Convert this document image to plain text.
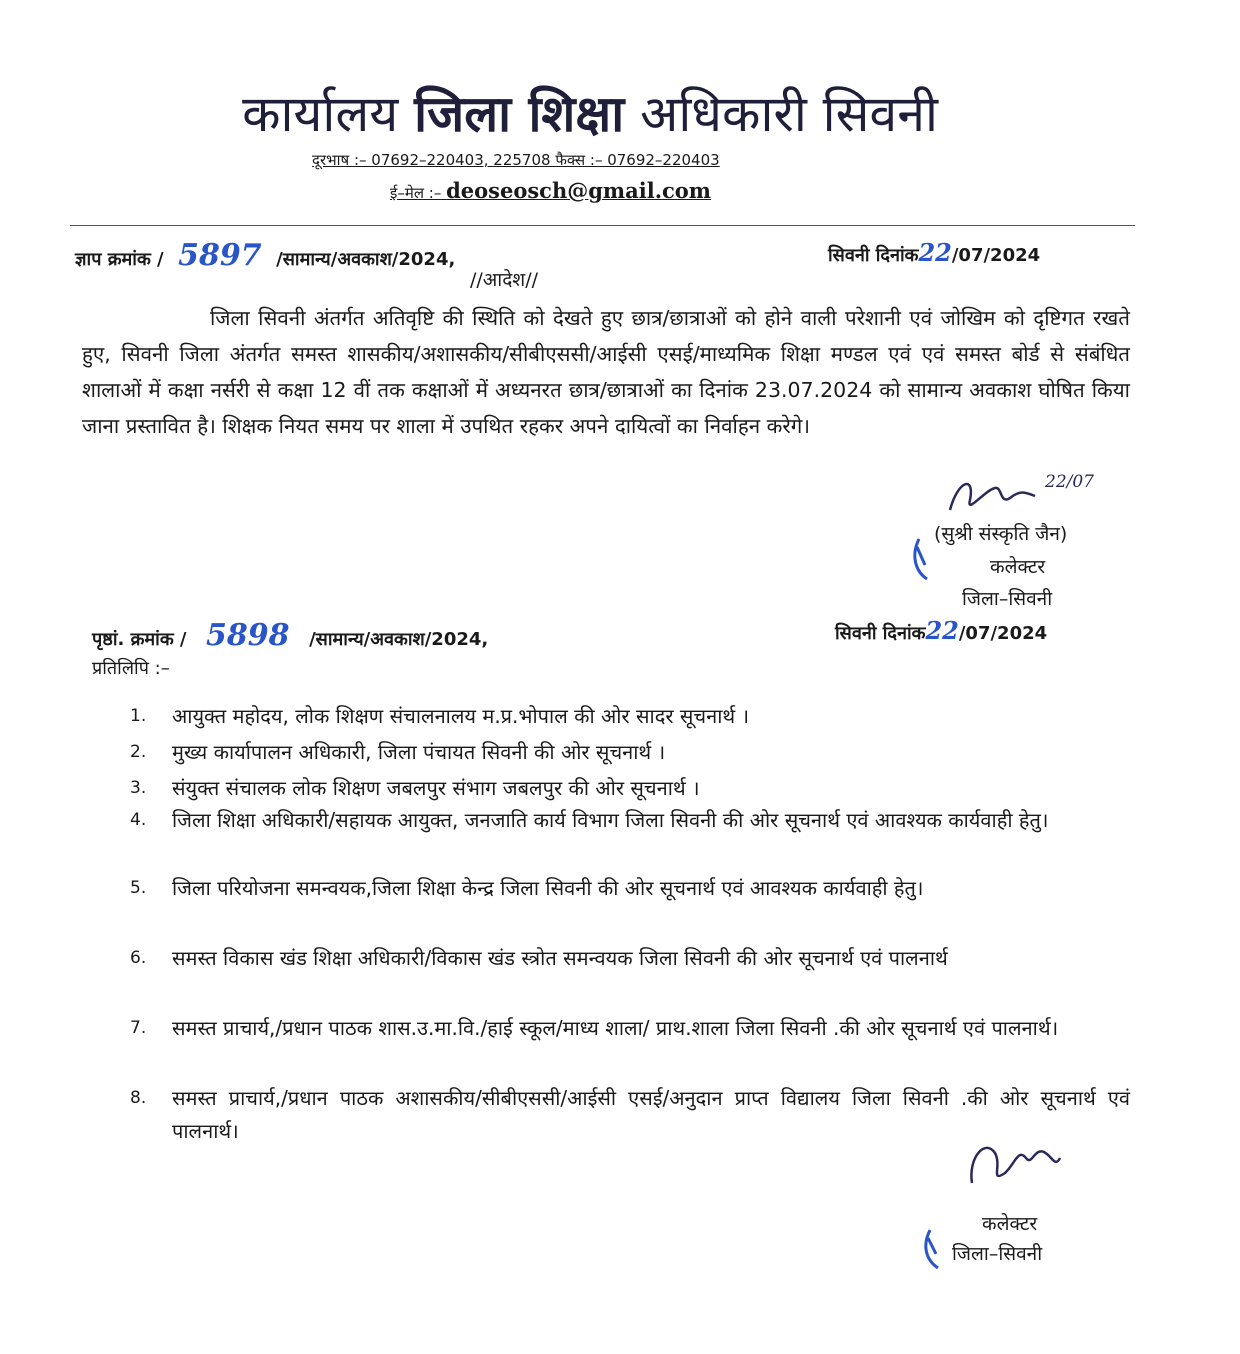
कार्यालय जिला शिक्षा अधिकारी सिवनी
दूरभाष :– 07692–220403, 225708 फैक्स :– 07692–220403
ई–मेल :– deoseosch@gmail.com
ज्ञाप क्रमांक / 5897 /सामान्य/अवकाश/2024,	सिवनी दिनांक22/07/2024
//आदेश//

जिला सिवनी अंतर्गत अतिवृष्टि की स्थिति को देखते हुए छात्र/छात्राओं को होने वाली परेशानी एवं जोखिम को दृष्टिगत रखते हुए, सिवनी जिला अंतर्गत समस्त शासकीय/अशासकीय/सीबीएससी/आईसी एसई/माध्यमिक शिक्षा मण्डल एवं एवं समस्त बोर्ड से संबंधित शालाओं में कक्षा नर्सरी से कक्षा 12 वीं तक कक्षाओं में अध्यनरत छात्र/छात्राओं का दिनांक 23.07.2024 को सामान्य अवकाश घोषित किया जाना प्रस्तावित है। शिक्षक नियत समय पर शाला में उपथित रहकर अपने दायित्वों का निर्वाहन करेगे।

22/07
(सुश्री संस्कृति जैन)
कलेक्टर
जिला–सिवनी
पृष्ठां. क्रमांक / 5898 /सामान्य/अवकाश/2024,	सिवनी दिनांक22/07/2024
प्रतिलिपि :–
1. आयुक्त महोदय, लोक शिक्षण संचालनालय म.प्र.भोपाल की ओर सादर सूचनार्थ ।
2. मुख्य कार्यापालन अधिकारी, जिला पंचायत सिवनी की ओर सूचनार्थ ।
3. संयुक्त संचालक लोक शिक्षण जबलपुर संभाग जबलपुर की ओर सूचनार्थ ।
4. जिला शिक्षा अधिकारी/सहायक आयुक्त, जनजाति कार्य विभाग जिला सिवनी की ओर सूचनार्थ एवं आवश्यक कार्यवाही हेतु।
5. जिला परियोजना समन्वयक,जिला शिक्षा केन्द्र जिला सिवनी की ओर सूचनार्थ एवं आवश्यक कार्यवाही हेतु।
6. समस्त विकास खंड शिक्षा अधिकारी/विकास खंड स्त्रोत समन्वयक जिला सिवनी की ओर सूचनार्थ एवं पालनार्थ
7. समस्त प्राचार्य,/प्रधान पाठक शास.उ.मा.वि./हाई स्कूल/माध्य शाला/ प्राथ.शाला जिला सिवनी .की ओर सूचनार्थ एवं पालनार्थ।
8. समस्त प्राचार्य,/प्रधान पाठक अशासकीय/सीबीएससी/आईसी एसई/अनुदान प्राप्त विद्यालय जिला सिवनी .की ओर सूचनार्थ एवं पालनार्थ।
कलेक्टर
जिला–सिवनी
